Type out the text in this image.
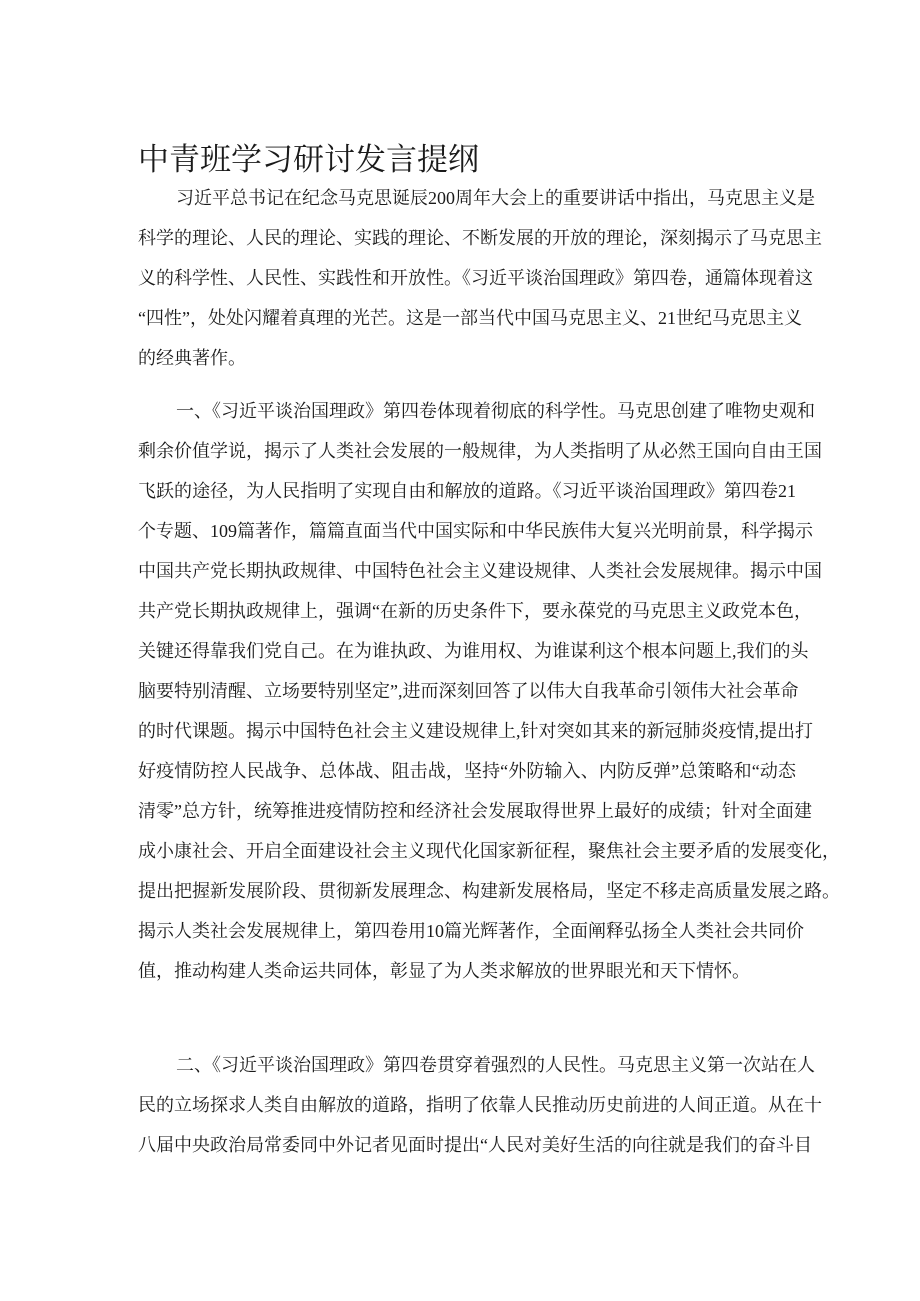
中青班学习研讨发言提纲
习近平总书记在纪念马克思诞辰200周年大会上的重要讲话中指出，马克思主义是
科学的理论、人民的理论、实践的理论、不断发展的开放的理论，深刻揭示了马克思主
义的科学性、人民性、实践性和开放性。《习近平谈治国理政》第四卷，通篇体现着这
“四性”，处处闪耀着真理的光芒。这是一部当代中国马克思主义、21世纪马克思主义
的经典著作。
一、《习近平谈治国理政》第四卷体现着彻底的科学性。马克思创建了唯物史观和
剩余价值学说，揭示了人类社会发展的一般规律，为人类指明了从必然王国向自由王国
飞跃的途径，为人民指明了实现自由和解放的道路。《习近平谈治国理政》第四卷21
个专题、109篇著作，篇篇直面当代中国实际和中华民族伟大复兴光明前景，科学揭示
中国共产党长期执政规律、中国特色社会主义建设规律、人类社会发展规律。揭示中国
共产党长期执政规律上，强调“在新的历史条件下，要永葆党的马克思主义政党本色，
关键还得靠我们党自己。在为谁执政、为谁用权、为谁谋利这个根本问题上,我们的头
脑要特别清醒、立场要特别坚定”,进而深刻回答了以伟大自我革命引领伟大社会革命
的时代课题。揭示中国特色社会主义建设规律上,针对突如其来的新冠肺炎疫情,提出打
好疫情防控人民战争、总体战、阻击战，坚持“外防输入、内防反弹”总策略和“动态
清零”总方针，统筹推进疫情防控和经济社会发展取得世界上最好的成绩；针对全面建
成小康社会、开启全面建设社会主义现代化国家新征程，聚焦社会主要矛盾的发展变化，
提出把握新发展阶段、贯彻新发展理念、构建新发展格局，坚定不移走高质量发展之路。
揭示人类社会发展规律上，第四卷用10篇光辉著作，全面阐释弘扬全人类社会共同价
值，推动构建人类命运共同体，彰显了为人类求解放的世界眼光和天下情怀。
二、《习近平谈治国理政》第四卷贯穿着强烈的人民性。马克思主义第一次站在人
民的立场探求人类自由解放的道路，指明了依靠人民推动历史前进的人间正道。从在十
八届中央政治局常委同中外记者见面时提出“人民对美好生活的向往就是我们的奋斗目
